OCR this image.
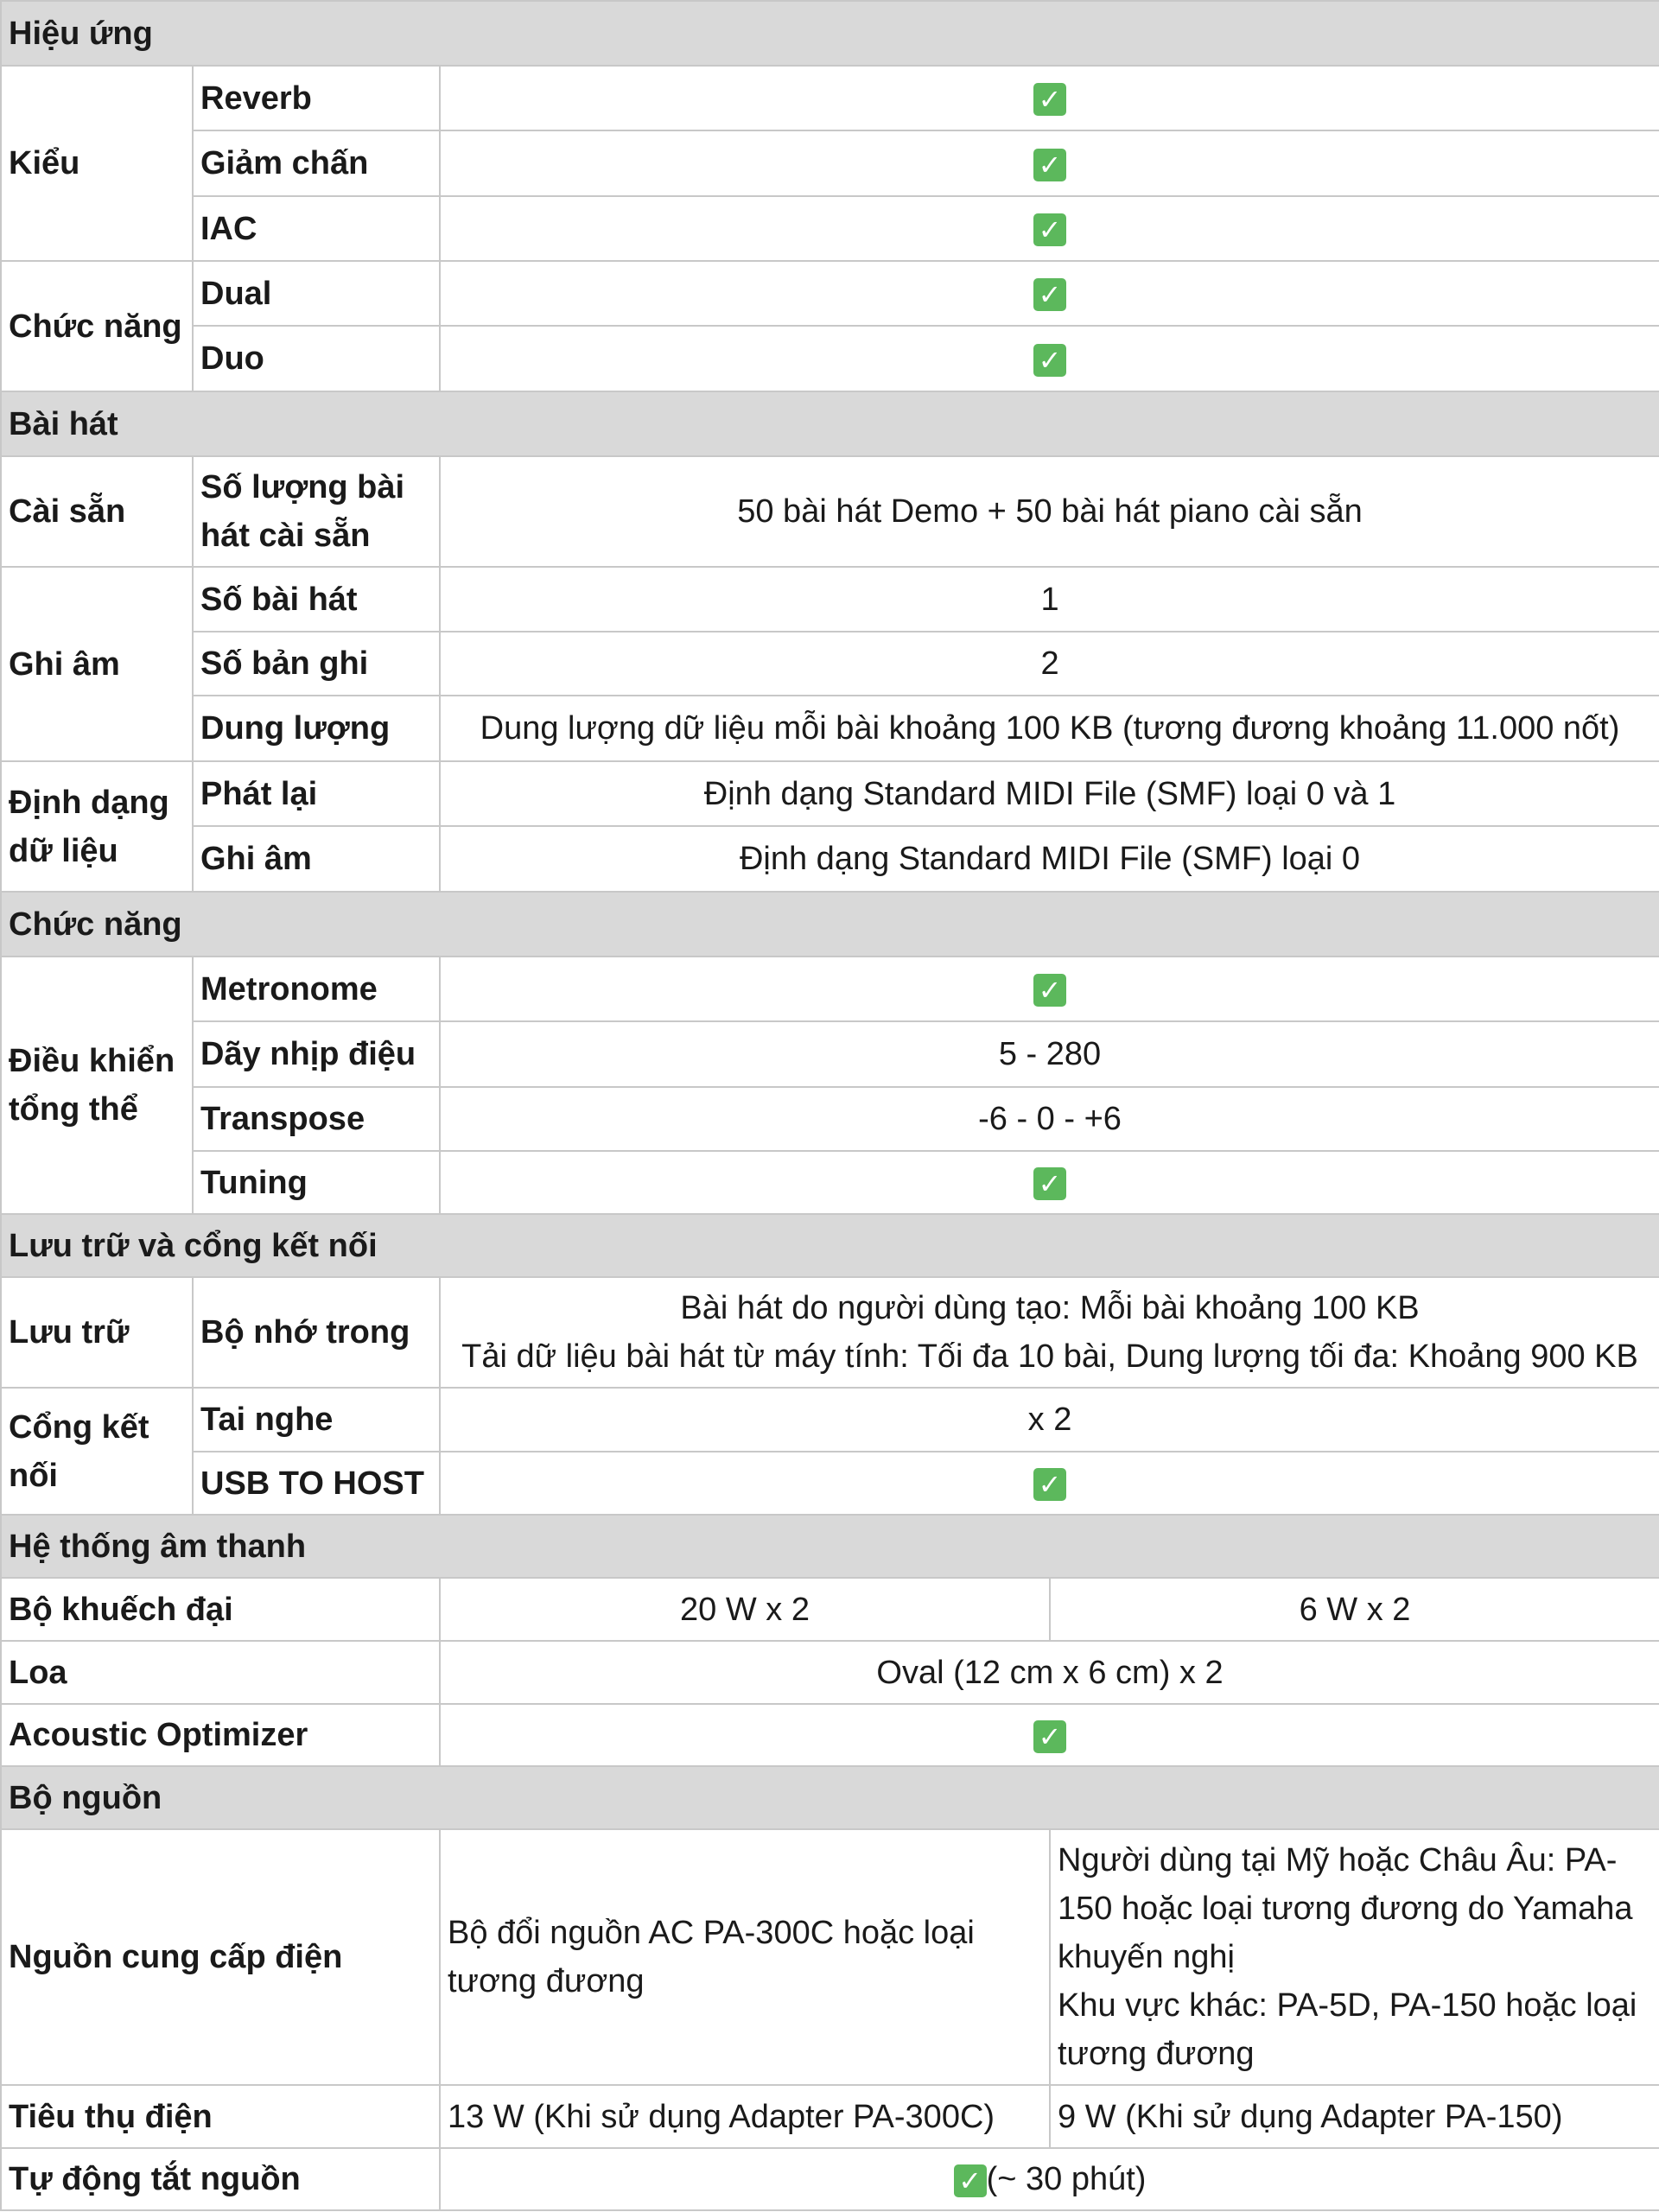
Hiệu ứng			
Kiểu	Reverb	✓
	Giảm chấn	✓
	IAC	✓
Chức năng	Dual	✓
	Duo	✓
Bài hát			
Cài sẵn	Số lượng bài hát cài sẵn	50 bài hát Demo + 50 bài hát piano cài sẵn	
Ghi âm	Số bài hát	1	
	Số bản ghi	2	
	Dung lượng	Dung lượng dữ liệu mỗi bài khoảng 100 KB (tương đương khoảng 11.000 nốt)	
Định dạng dữ liệu	Phát lại	Định dạng Standard MIDI File (SMF) loại 0 và 1	
	Ghi âm	Định dạng Standard MIDI File (SMF) loại 0	
Chức năng			
Điều khiển tổng thể	Metronome	✓
	Dãy nhịp điệu	5 - 280	
	Transpose	-6 - 0 - +6	
	Tuning	✓
Lưu trữ và cổng kết nối			
Lưu trữ	Bộ nhớ trong	Bài hát do người dùng tạo: Mỗi bài khoảng 100 KB
Tải dữ liệu bài hát từ máy tính: Tối đa 10 bài, Dung lượng tối đa: Khoảng 900 KB	

Cổng kết nối	Tai nghe	x 2	
	USB TO HOST	✓
Hệ thống âm thanh			
Bộ khuếch đại		20 W x 2	6 W x 2
Loa		Oval (12 cm x 6 cm) x 2	
Acoustic Optimizer	✓
Bộ nguồn			
Nguồn cung cấp điện		Bộ đổi nguồn AC PA-300C hoặc loại tương đương	Người dùng tại Mỹ hoặc Châu Âu: PA-150 hoặc loại tương đương do Yamaha khuyến nghị
Khu vực khác: PA-5D, PA-150 hoặc loại tương đương

Tiêu thụ điện		13 W (Khi sử dụng Adapter PA-300C)	9 W (Khi sử dụng Adapter PA-150)
Tự động tắt nguồn	✓(~ 30 phút)
